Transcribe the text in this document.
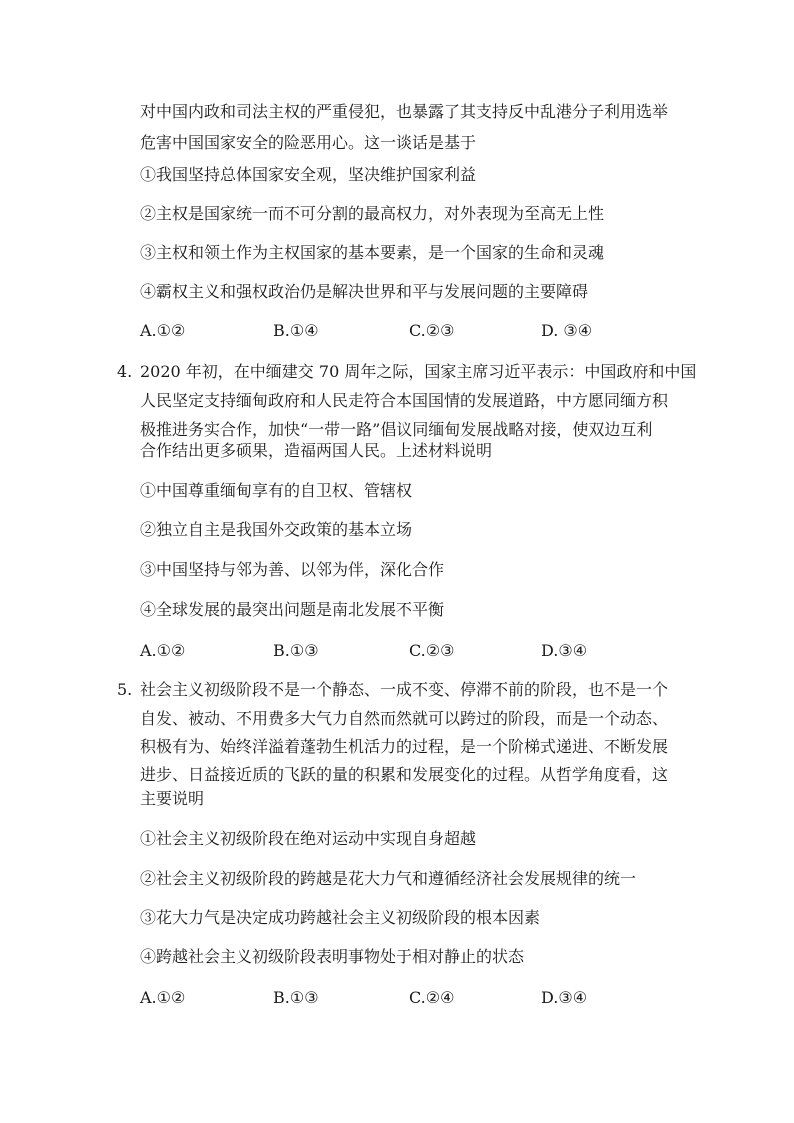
对中国内政和司法主权的严重侵犯，也暴露了其支持反中乱港分子利用选举
危害中国国家安全的险恶用心。这一谈话是基于
①我国坚持总体国家安全观，坚决维护国家利益
②主权是国家统一而不可分割的最高权力，对外表现为至高无上性
③主权和领土作为主权国家的基本要素，是一个国家的生命和灵魂
④霸权主义和强权政治仍是解决世界和平与发展问题的主要障碍
A.①②	B.①④	C.②③	D. ③④
4. 2020 年初，在中缅建交 70 周年之际，国家主席习近平表示：中国政府和中国
人民坚定支持缅甸政府和人民走符合本国国情的发展道路，中方愿同缅方积
极推进务实合作，加快“一带一路”倡议同缅甸发展战略对接，使双边互利
合作结出更多硕果，造福两国人民。上述材料说明
①中国尊重缅甸享有的自卫权、管辖权
②独立自主是我国外交政策的基本立场
③中国坚持与邻为善、以邻为伴，深化合作
④全球发展的最突出问题是南北发展不平衡
A.①②	B.①③	C.②③	D.③④
5. 社会主义初级阶段不是一个静态、一成不变、停滞不前的阶段，也不是一个
自发、被动、不用费多大气力自然而然就可以跨过的阶段，而是一个动态、
积极有为、始终洋溢着蓬勃生机活力的过程，是一个阶梯式递进、不断发展
进步、日益接近质的飞跃的量的积累和发展变化的过程。从哲学角度看，这
主要说明
①社会主义初级阶段在绝对运动中实现自身超越
②社会主义初级阶段的跨越是花大力气和遵循经济社会发展规律的统一
③花大力气是决定成功跨越社会主义初级阶段的根本因素
④跨越社会主义初级阶段表明事物处于相对静止的状态
A.①②	B.①③	C.②④	D.③④
